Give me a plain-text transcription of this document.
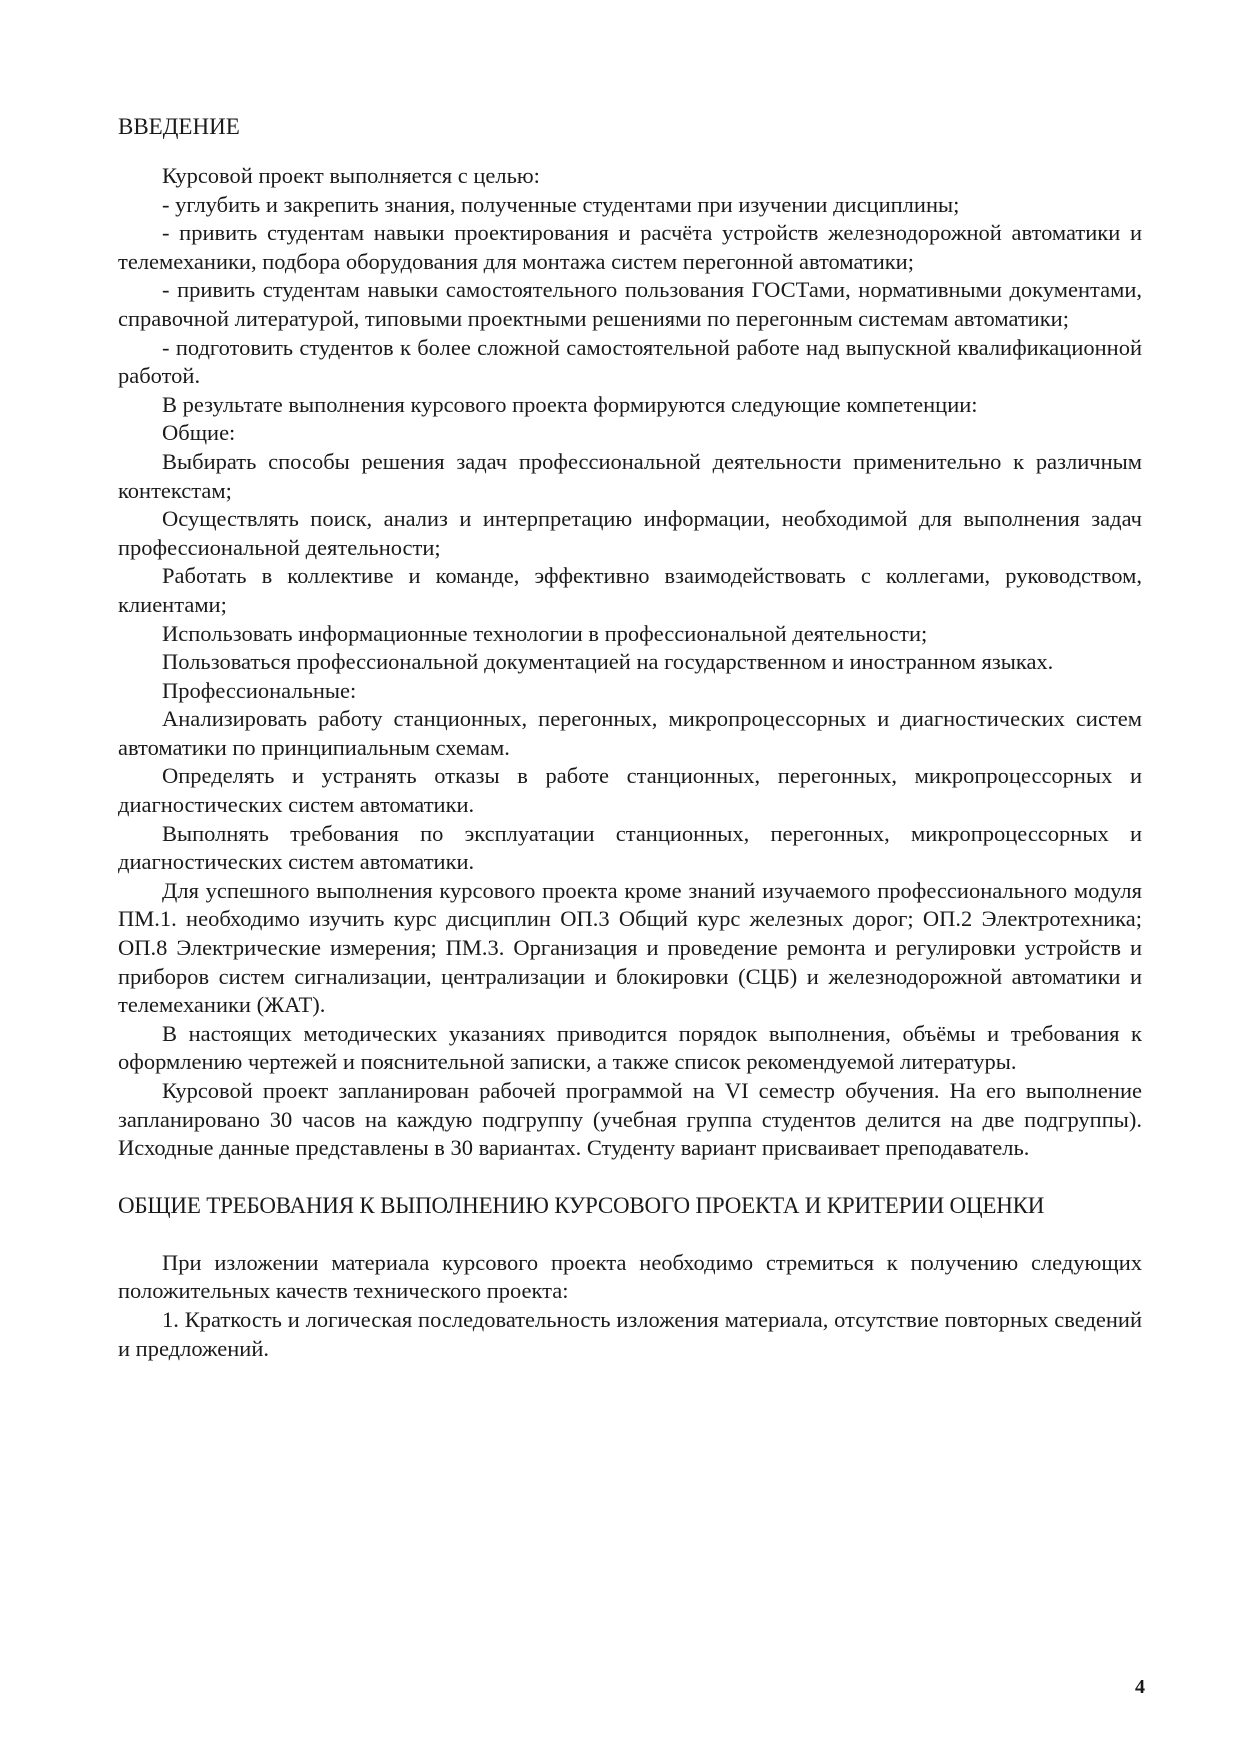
ВВЕДЕНИЕ

Курсовой проект выполняется с целью:

- углубить и закрепить знания, полученные студентами при изучении дисциплины;

- привить студентам навыки проектирования и расчёта устройств железнодорожной автоматики и телемеханики, подбора оборудования для монтажа систем перегонной автоматики;

- привить студентам навыки самостоятельного пользования ГОСТами, нормативными документами, справочной литературой, типовыми проектными решениями по перегонным системам автоматики;

- подготовить студентов к более сложной самостоятельной работе над выпускной квалификационной работой.

В результате выполнения курсового проекта формируются следующие компетенции:

Общие:

Выбирать способы решения задач профессиональной деятельности применительно к различным контекстам;

Осуществлять поиск, анализ и интерпретацию информации, необходимой для выполнения задач профессиональной деятельности;

Работать в коллективе и команде, эффективно взаимодействовать с коллегами, руководством, клиентами;

Использовать информационные технологии в профессиональной деятельности;

Пользоваться профессиональной документацией на государственном и иностранном языках.

Профессиональные:

Анализировать работу станционных, перегонных, микропроцессорных и диагностических систем автоматики по принципиальным схемам.

Определять и устранять отказы в работе станционных, перегонных, микропроцессорных и диагностических систем автоматики.

Выполнять требования по эксплуатации станционных, перегонных, микропроцессорных и диагностических систем автоматики.

Для успешного выполнения курсового проекта кроме знаний изучаемого профессионального модуля ПМ.1. необходимо изучить курс дисциплин ОП.3 Общий курс железных дорог; ОП.2 Электротехника; ОП.8 Электрические измерения; ПМ.3. Организация и проведение ремонта и регулировки устройств и приборов систем сигнализации, централизации и блокировки (СЦБ) и железнодорожной автоматики и телемеханики (ЖАТ).

В настоящих методических указаниях приводится порядок выполнения, объёмы и требования к оформлению чертежей и пояснительной записки, а также список рекомендуемой литературы.

Курсовой проект запланирован рабочей программой на VI семестр обучения. На его выполнение запланировано 30 часов на каждую подгруппу (учебная группа студентов делится на две подгруппы). Исходные данные представлены в 30 вариантах. Студенту вариант присваивает преподаватель.

ОБЩИЕ ТРЕБОВАНИЯ К ВЫПОЛНЕНИЮ КУРСОВОГО ПРОЕКТА И КРИТЕРИИ ОЦЕНКИ

При изложении материала курсового проекта необходимо стремиться к получению следующих положительных качеств технического проекта:

1. Краткость и логическая последовательность изложения материала, отсутствие повторных сведений и предложений.

4
